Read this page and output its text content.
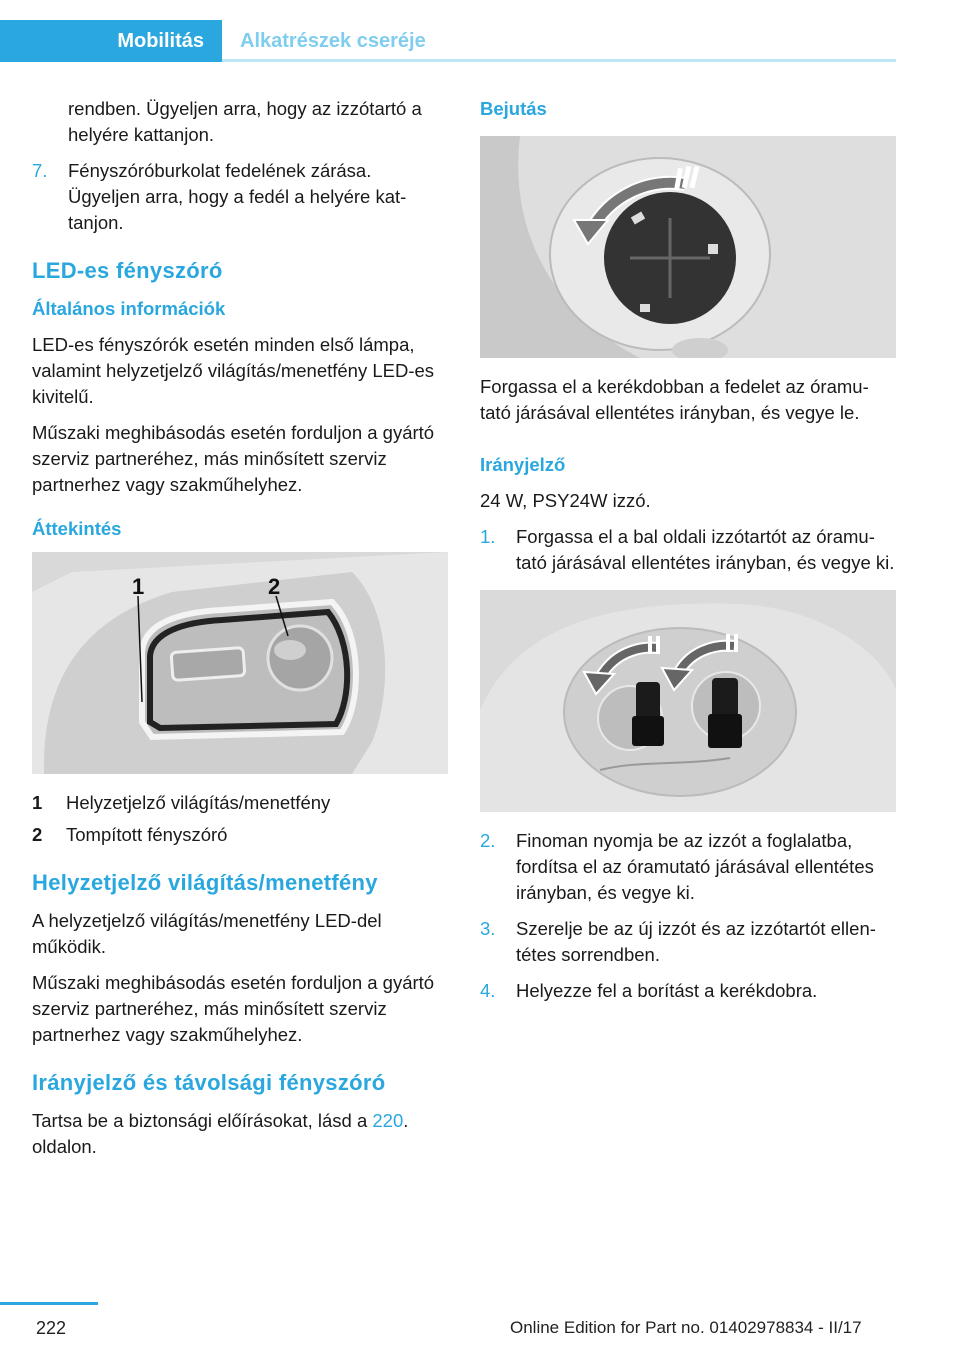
Mobilitás	Alkatrészek cseréje

rendben. Ügyeljen arra, hogy az izzótartó a helyére kattanjon.

7.	Fényszóróburkolat fedelének zárása. Ügyeljen arra, hogy a fedél a helyére kat‐tanjon.
LED-es fényszóró
Általános információk

LED-es fényszórók esetén minden első lámpa, valamint helyzetjelző világítás/menetfény LED-es kivitelű.

Műszaki meghibásodás esetén forduljon a gyártó szerviz partneréhez, más minősített szerviz partnerhez vagy szakműhelyhez.

Áttekintés
1	2
1	Helyzetjelző világítás/menetfény
2	Tompított fényszóró
Helyzetjelző világítás/menetfény

A helyzetjelző világítás/menetfény LED-del működik.

Műszaki meghibásodás esetén forduljon a gyártó szerviz partneréhez, más minősített szerviz partnerhez vagy szakműhelyhez.

Irányjelző és távolsági fényszóró

Tartsa be a biztonsági előírásokat, lásd a 220. oldalon.

Bejutás

Forgassa el a kerékdobban a fedelet az óramu‐tató járásával ellentétes irányban, és vegye le.

Irányjelző

24 W, PSY24W izzó.

1.	Forgassa el a bal oldali izzótartót az óramu‐tató járásával ellentétes irányban, és vegye ki.
2.	Finoman nyomja be az izzót a foglalatba, fordítsa el az óramutató járásával ellentétes irányban, és vegye ki.
3.	Szerelje be az új izzót és az izzótartót ellen‐tétes sorrendben.
4.	Helyezze fel a borítást a kerékdobra.
222	Online Edition for Part no. 01402978834 - II/17
